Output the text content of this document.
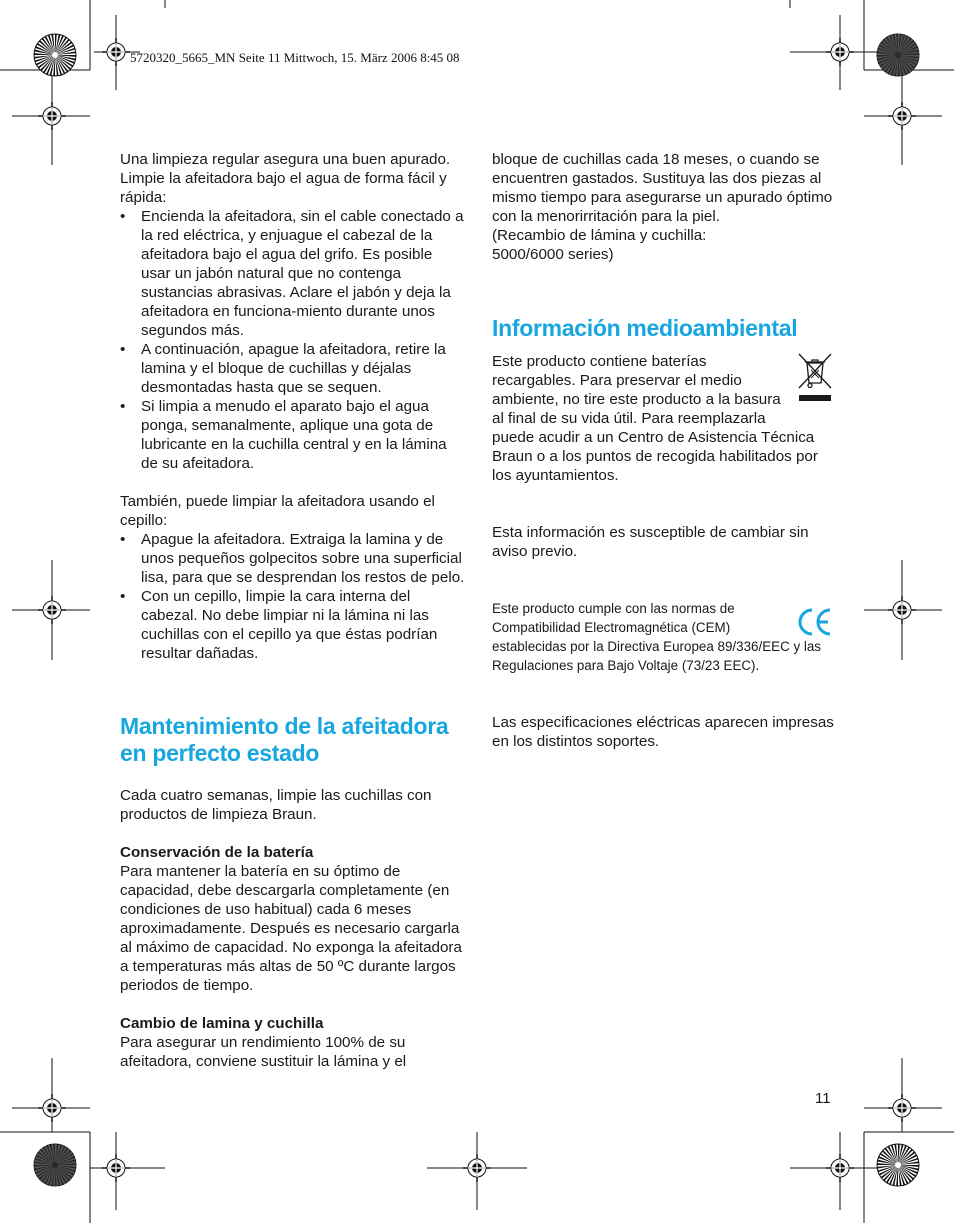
5720320_5665_MN Seite 11 Mittwoch, 15. März 2006 8:45 08

Una limpieza regular asegura una buen apurado. Limpie la afeitadora bajo el agua de forma fácil y rápida:

• Encienda la afeitadora, sin el cable conectado a la red eléctrica, y enjuague el cabezal de la afeitadora bajo el agua del grifo. Es posible usar un jabón natural que no contenga sustancias abrasivas. Aclare el jabón y deja la afeitadora en funciona-miento durante unos segundos más.
• A continuación, apague la afeitadora, retire la lamina y el bloque de cuchillas y déjalas desmontadas hasta que se sequen.
• Si limpia a menudo el aparato bajo el agua ponga, semanalmente, aplique una gota de lubricante en la cuchilla central y en la lámina de su afeitadora.

También, puede limpiar la afeitadora usando el cepillo:

• Apague la afeitadora. Extraiga la lamina y de unos pequeños golpecitos sobre una superficial lisa, para que se desprendan los restos de pelo.
• Con un cepillo, limpie la cara interna del cabezal. No debe limpiar ni la lámina ni las cuchillas con el cepillo ya que éstas podrían resultar dañadas.
Mantenimiento de la afeitadora en perfecto estado

Cada cuatro semanas, limpie las cuchillas con productos de limpieza Braun.

Conservación de la batería

Para mantener la batería en su óptimo de capacidad, debe descargarla completamente (en condiciones de uso habitual) cada 6 meses aproximadamente. Después es necesario cargarla al máximo de capacidad. No exponga la afeitadora a temperaturas más altas de 50 ºC durante largos periodos de tiempo.

Cambio de lamina y cuchilla

Para asegurar un rendimiento 100% de su afeitadora, conviene sustituir la lámina y el

bloque de cuchillas cada 18 meses, o cuando se encuentren gastados. Sustituya las dos piezas al mismo tiempo para asegurarse un apurado óptimo con la menorirritación para la piel.

(Recambio de lámina y cuchilla:

5000/6000 series)

Información medioambiental

Este producto contiene baterías recargables. Para preservar el medio ambiente, no tire este producto a la basura al final de su vida útil. Para reemplazarla puede acudir a un Centro de Asistencia Técnica Braun o a los puntos de recogida habilitados por los ayuntamientos.

Esta información es susceptible de cambiar sin aviso previo.

Este producto cumple con las normas de Compatibilidad Electromagnética (CEM) establecidas por la Directiva Europea 89/336/EEC y las Regulaciones para Bajo Voltaje (73/23 EEC).

Las especificaciones eléctricas aparecen impresas en los distintos soportes.

11
